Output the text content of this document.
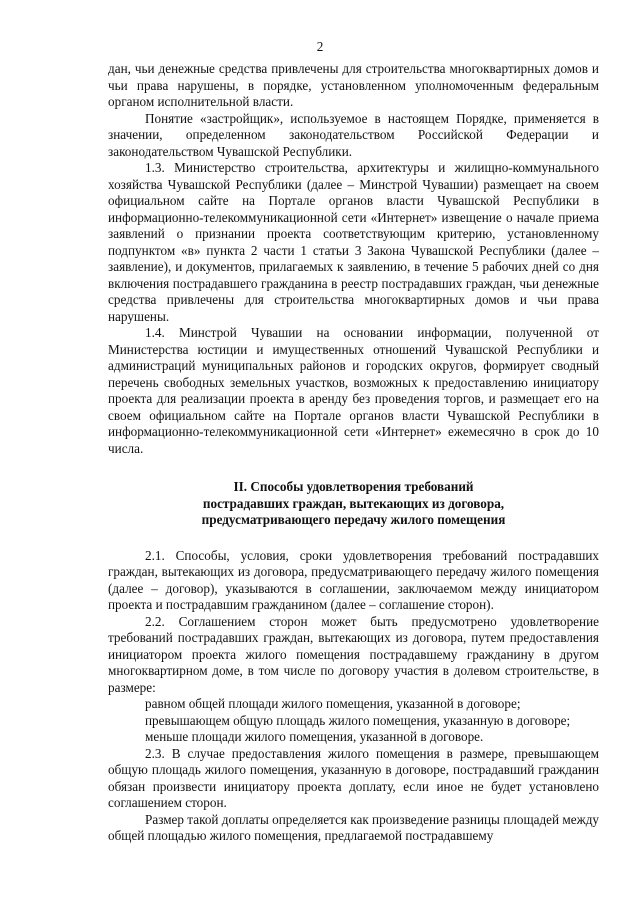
2

дан, чьи денежные средства привлечены для строительства многоквартирных домов и чьи права нарушены, в порядке, установленном уполномоченным федеральным органом исполнительной власти.

Понятие «застройщик», используемое в настоящем Порядке, применяется в значении, определенном законодательством Российской Федерации и законодательством Чувашской Республики.

1.3. Министерство строительства, архитектуры и жилищно-коммунального хозяйства Чувашской Республики (далее – Минстрой Чувашии) размещает на своем официальном сайте на Портале органов власти Чувашской Республики в информационно-телекоммуникационной сети «Интернет» извещение о начале приема заявлений о признании проекта соответствующим критерию, установленному подпунктом «в» пункта 2 части 1 статьи 3 Закона Чувашской Республики (далее – заявление), и документов, прилагаемых к заявлению, в течение 5 рабочих дней со дня включения пострадавшего гражданина в реестр пострадавших граждан, чьи денежные средства привлечены для строительства многоквартирных домов и чьи права нарушены.

1.4. Минстрой Чувашии на основании информации, полученной от Министерства юстиции и имущественных отношений Чувашской Республики и администраций муниципальных районов и городских округов, формирует сводный перечень свободных земельных участков, возможных к предоставлению инициатору проекта для реализации проекта в аренду без проведения торгов, и размещает его на своем официальном сайте на Портале органов власти Чувашской Республики в информационно-телекоммуникационной сети «Интернет» ежемесячно в срок до 10 числа.

II. Способы удовлетворения требований
пострадавших граждан, вытекающих из договора,
предусматривающего передачу жилого помещения

2.1. Способы, условия, сроки удовлетворения требований пострадавших граждан, вытекающих из договора, предусматривающего передачу жилого помещения (далее – договор), указываются в соглашении, заключаемом между инициатором проекта и пострадавшим гражданином (далее – соглашение сторон).

2.2. Соглашением сторон может быть предусмотрено удовлетворение требований пострадавших граждан, вытекающих из договора, путем предоставления инициатором проекта жилого помещения пострадавшему гражданину в другом многоквартирном доме, в том числе по договору участия в долевом строительстве, в размере:

равном общей площади жилого помещения, указанной в договоре;

превышающем общую площадь жилого помещения, указанную в договоре;

меньше площади жилого помещения, указанной в договоре.

2.3. В случае предоставления жилого помещения в размере, превышающем общую площадь жилого помещения, указанную в договоре, пострадавший гражданин обязан произвести инициатору проекта доплату, если иное не будет установлено соглашением сторон.

Размер такой доплаты определяется как произведение разницы площадей между общей площадью жилого помещения, предлагаемой пострадавшему
